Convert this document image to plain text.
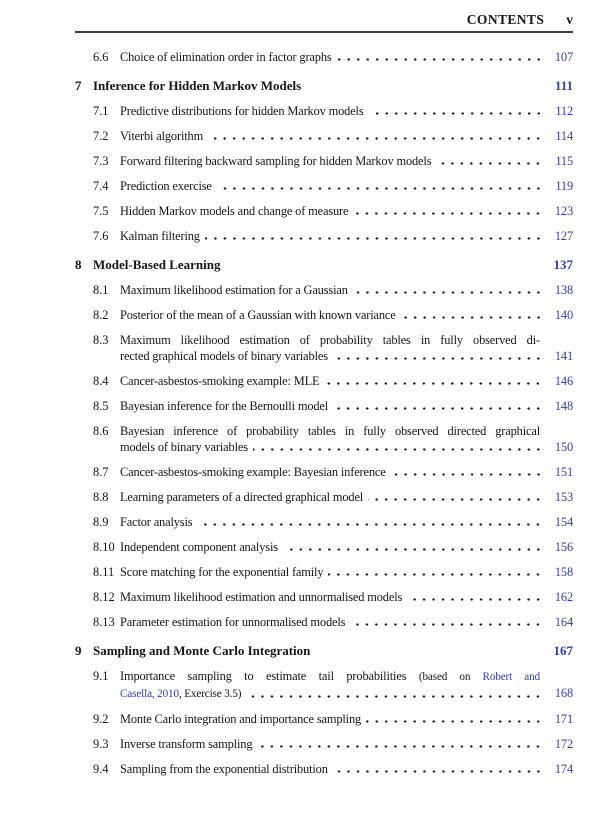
CONTENTS v
6.6 Choice of elimination order in factor graphs	107
7 Inference for Hidden Markov Models	111
7.1 Predictive distributions for hidden Markov models	112
7.2 Viterbi algorithm	114
7.3 Forward filtering backward sampling for hidden Markov models	115
7.4 Prediction exercise	119
7.5 Hidden Markov models and change of measure	123
7.6 Kalman filtering	127
8 Model-Based Learning	137
8.1 Maximum likelihood estimation for a Gaussian	138
8.2 Posterior of the mean of a Gaussian with known variance	140
8.3 Maximum likelihood estimation of probability tables in fully observed di-
rected graphical models of binary variables	141
8.4 Cancer-asbestos-smoking example: MLE	146
8.5 Bayesian inference for the Bernoulli model	148
8.6 Bayesian inference of probability tables in fully observed directed graphical
models of binary variables	150
8.7 Cancer-asbestos-smoking example: Bayesian inference	151
8.8 Learning parameters of a directed graphical model	153
8.9 Factor analysis	154
8.10 Independent component analysis	156
8.11 Score matching for the exponential family	158
8.12 Maximum likelihood estimation and unnormalised models	162
8.13 Parameter estimation for unnormalised models	164
9 Sampling and Monte Carlo Integration	167
9.1 Importance sampling to estimate tail probabilities (based on Robert and
Casella, 2010 , Exercise 3.5)	168
9.2 Monte Carlo integration and importance sampling	171
9.3 Inverse transform sampling	172
9.4 Sampling from the exponential distribution	174
